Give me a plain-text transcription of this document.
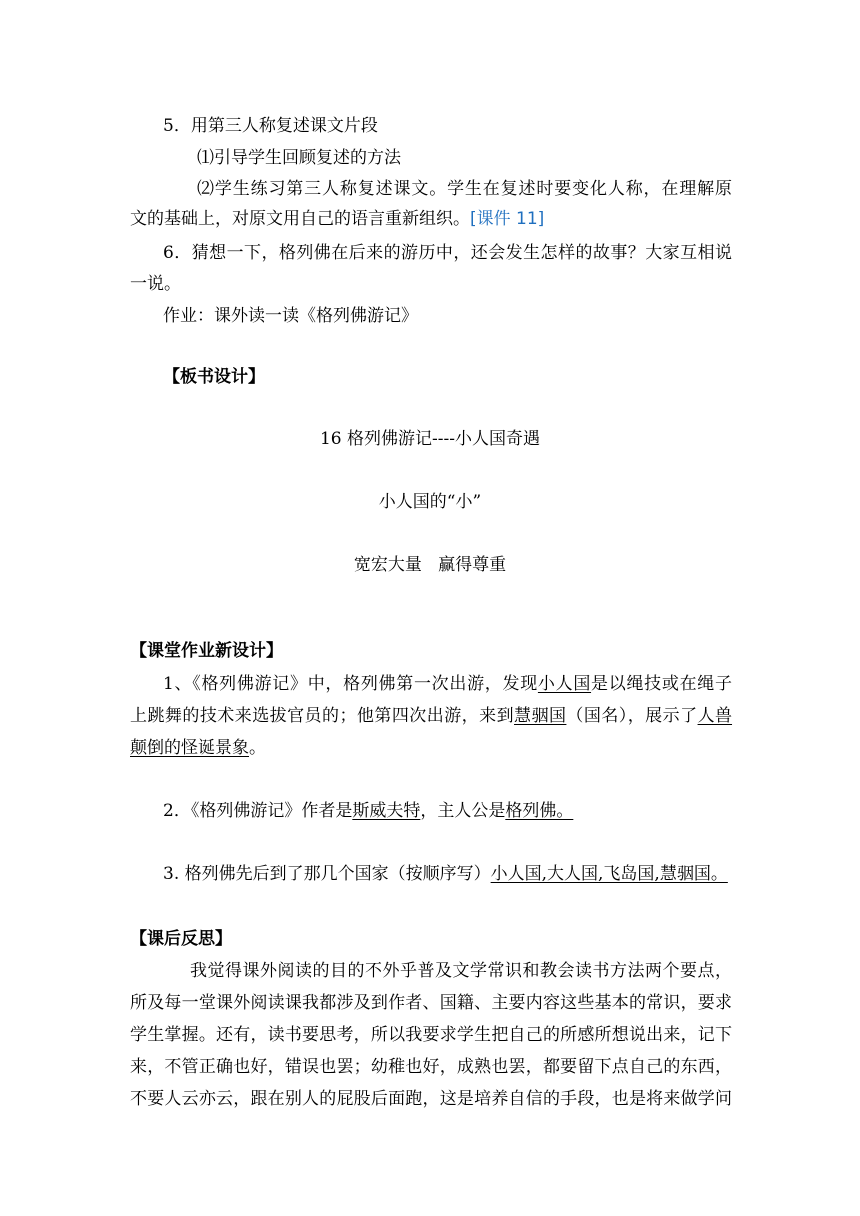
5．用第三人称复述课文片段
⑴引导学生回顾复述的方法
⑵学生练习第三人称复述课文。学生在复述时要变化人称，在理解原
文的基础上，对原文用自己的语言重新组织。[课件 11]
6．猜想一下，格列佛在后来的游历中，还会发生怎样的故事？大家互相说
一说。
作业：课外读一读《格列佛游记》
【板书设计】
16 格列佛游记----小人国奇遇
小人国的“小”
宽宏大量   赢得尊重
【课堂作业新设计】
1、《格列佛游记》中，格列佛第一次出游，发现小人国是以绳技或在绳子
上跳舞的技术来选拔官员的；他第四次出游，来到慧骃国（国名），展示了人兽
颠倒的怪诞景象。
2．《格列佛游记》作者是斯威夫特，主人公是格列佛。
3. 格列佛先后到了那几个国家（按顺序写）小人国,大人国,飞岛国,慧骃国。
【课后反思】
我觉得课外阅读的目的不外乎普及文学常识和教会读书方法两个要点，
所及每一堂课外阅读课我都涉及到作者、国籍、主要内容这些基本的常识，要求
学生掌握。还有，读书要思考，所以我要求学生把自己的所感所想说出来，记下
来，不管正确也好，错误也罢；幼稚也好，成熟也罢，都要留下点自己的东西，
不要人云亦云，跟在别人的屁股后面跑，这是培养自信的手段，也是将来做学问
